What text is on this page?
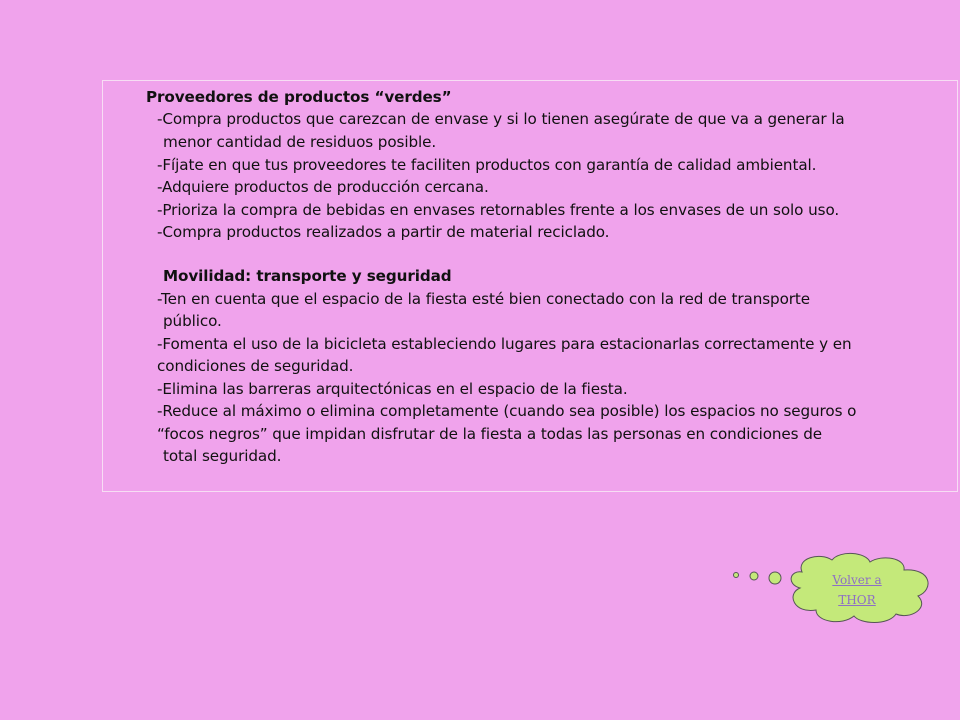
Proveedores de productos “verdes”
-Compra productos que carezcan de envase y si lo tienen asegúrate de que va a generar la
menor cantidad de residuos posible.
-Fíjate en que tus proveedores te faciliten productos con garantía de calidad ambiental.
-Adquiere productos de producción cercana.
-Prioriza la compra de bebidas en envases retornables frente a los envases de un solo uso.
-Compra productos realizados a partir de material reciclado.
Movilidad: transporte y seguridad
-Ten en cuenta que el espacio de la fiesta esté bien conectado con la red de transporte
público.
-Fomenta el uso de la bicicleta estableciendo lugares para estacionarlas correctamente y en
condiciones de seguridad.
-Elimina las barreras arquitectónicas en el espacio de la fiesta.
-Reduce al máximo o elimina completamente (cuando sea posible) los espacios no seguros o
“focos negros” que impidan disfrutar de la fiesta a todas las personas en condiciones de
total seguridad.
Volver a
THOR
